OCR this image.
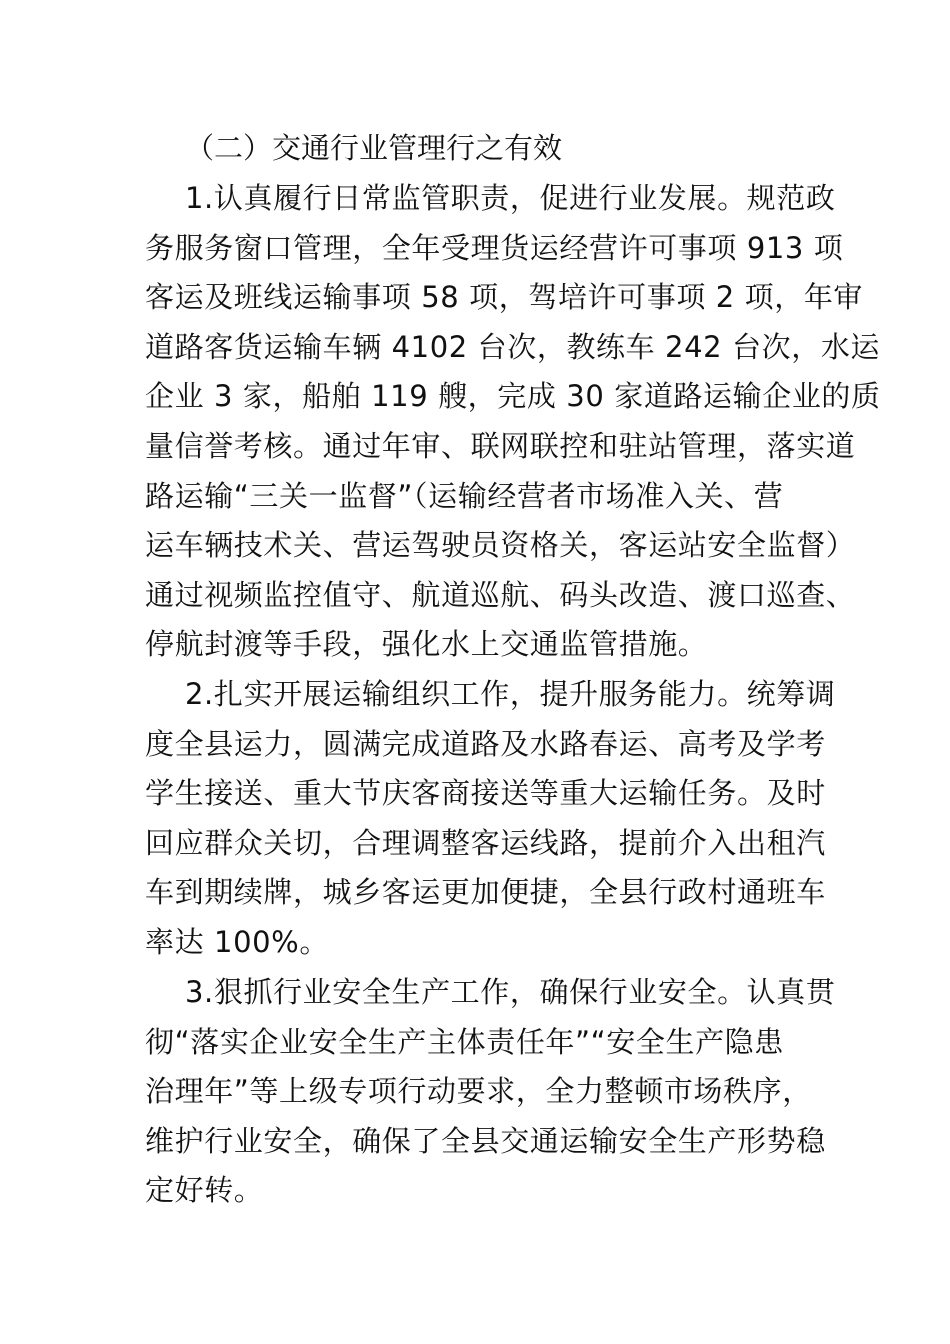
（二）交通行业管理行之有效
1.认真履行日常监管职责，促进行业发展。规范政
务服务窗口管理，全年受理货运经营许可事项 913 项
客运及班线运输事项 58 项，驾培许可事项 2 项，年审
道路客货运输车辆 4102 台次，教练车 242 台次，水运
企业 3 家，船舶 119 艘，完成 30 家道路运输企业的质
量信誉考核。通过年审、联网联控和驻站管理，落实道
路运输“三关一监督”（运输经营者市场准入关、营
运车辆技术关、营运驾驶员资格关，客运站安全监督）
通过视频监控值守、航道巡航、码头改造、渡口巡查、
停航封渡等手段，强化水上交通监管措施。
2.扎实开展运输组织工作，提升服务能力。统筹调
度全县运力，圆满完成道路及水路春运、高考及学考
学生接送、重大节庆客商接送等重大运输任务。及时
回应群众关切，合理调整客运线路，提前介入出租汽
车到期续牌，城乡客运更加便捷，全县行政村通班车
率达 100%。
3.狠抓行业安全生产工作，确保行业安全。认真贯
彻“落实企业安全生产主体责任年”“安全生产隐患
治理年”等上级专项行动要求，全力整顿市场秩序，
维护行业安全，确保了全县交通运输安全生产形势稳
定好转。
